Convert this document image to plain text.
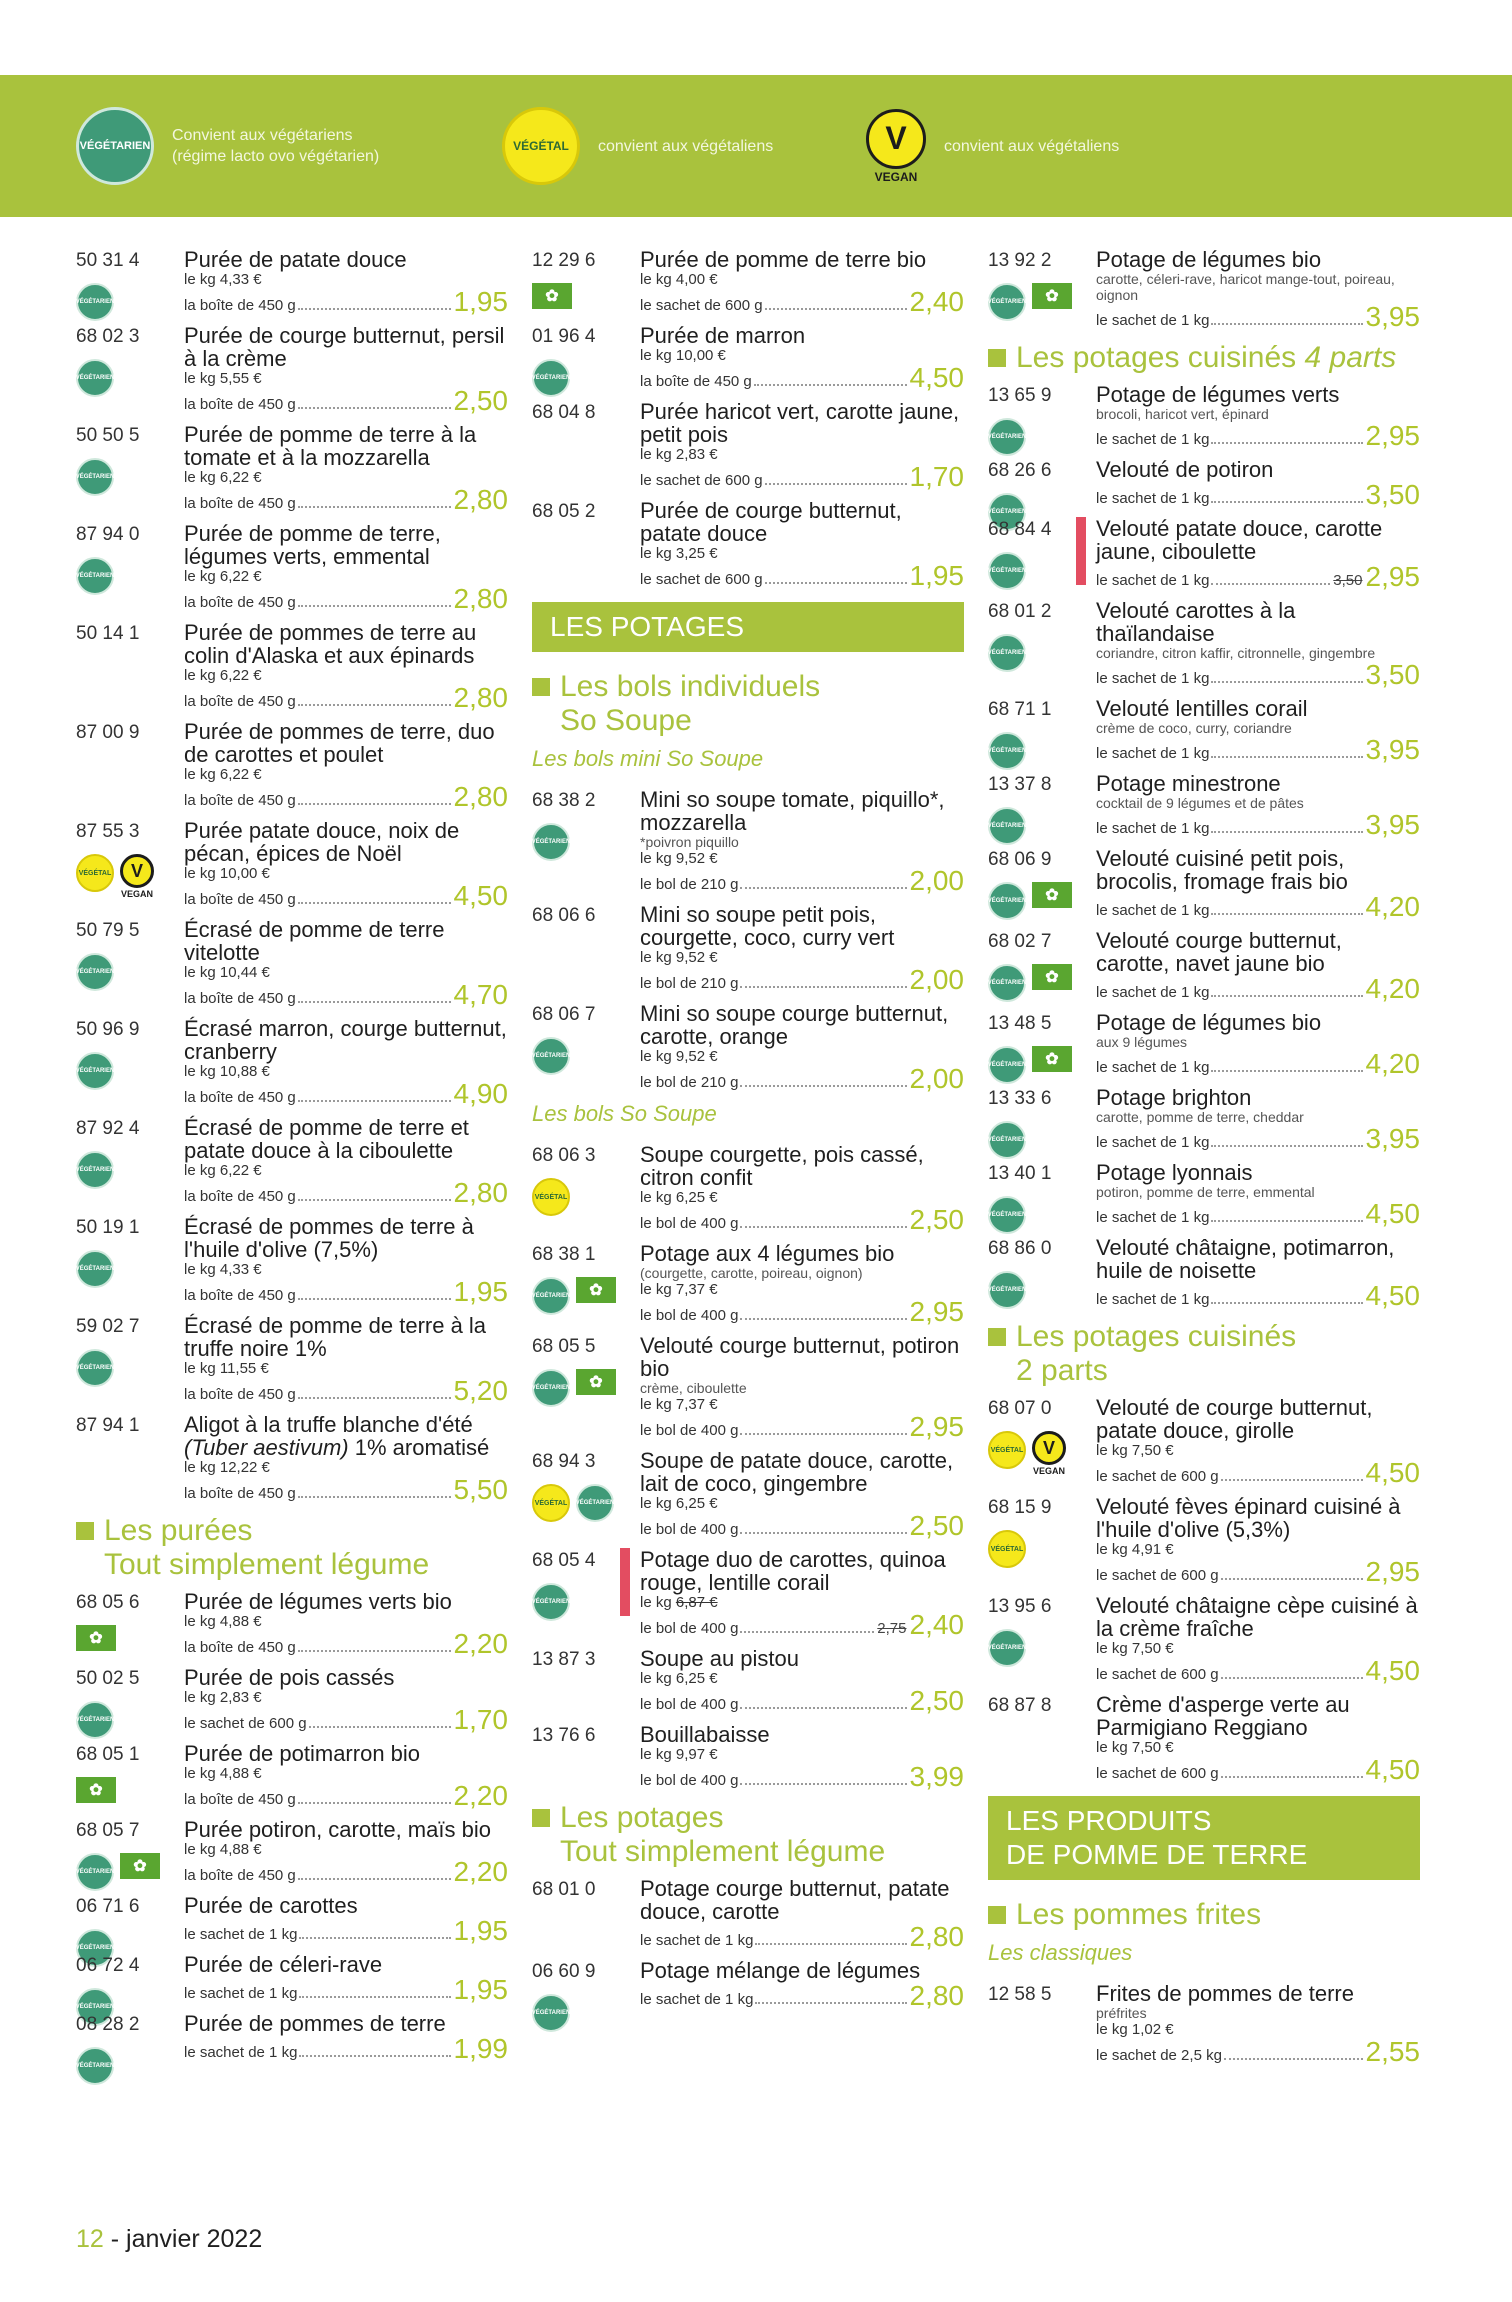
VÉGÉTARIEN
Convient aux végétariens
(régime lacto ovo végétarien)
VÉGÉTAL	convient aux végétaliens	V
VEGAN
convient aux végétaliens
50 31 4
VÉGÉTARIEN
Purée de patate douce
le kg 4,33 €
la boîte de 450 g	1,95
68 02 3
VÉGÉTARIEN
Purée de courge butternut, persil à la crème
le kg 5,55 €
la boîte de 450 g	2,50
50 50 5
VÉGÉTARIEN
Purée de pomme de terre à la tomate et à la mozzarella
le kg 6,22 €
la boîte de 450 g	2,80
87 94 0
VÉGÉTARIEN
Purée de pomme de terre, légumes verts, emmental
le kg 6,22 €
la boîte de 450 g	2,80
50 14 1 Purée de pommes de terre au colin d'Alaska et aux épinards
le kg 6,22 €
la boîte de 450 g	2,80
87 00 9 Purée de pommes de terre, duo de carottes et poulet
le kg 6,22 €
la boîte de 450 g	2,80
87 55 3
VÉGÉTAL	V
VEGAN
Purée patate douce, noix de pécan, épices de Noël
le kg 10,00 €
la boîte de 450 g	4,50
50 79 5
VÉGÉTARIEN
Écrasé de pomme de terre vitelotte
le kg 10,44 €
la boîte de 450 g	4,70
50 96 9
VÉGÉTARIEN
Écrasé marron, courge butternut, cranberry
le kg 10,88 €
la boîte de 450 g	4,90
87 92 4
VÉGÉTARIEN
Écrasé de pomme de terre et patate douce à la ciboulette
le kg 6,22 €
la boîte de 450 g	2,80
50 19 1
VÉGÉTARIEN
Écrasé de pommes de terre à l'huile d'olive (7,5%)
le kg 4,33 €
la boîte de 450 g	1,95
59 02 7
VÉGÉTARIEN
Écrasé de pomme de terre à la truffe noire 1%
le kg 11,55 €
la boîte de 450 g	5,20
87 94 1 Aligot à la truffe blanche d'été (Tuber aestivum) 1% aromatisé
le kg 12,22 €
la boîte de 450 g	5,50
Les purées
Tout simplement légume
68 05 6
✿
Purée de légumes verts bio
le kg 4,88 €
la boîte de 450 g	2,20
50 02 5
VÉGÉTARIEN
Purée de pois cassés
le kg 2,83 €
le sachet de 600 g	1,70
68 05 1
✿
Purée de potimarron bio
le kg 4,88 €
la boîte de 450 g	2,20
68 05 7
VÉGÉTARIEN	✿
Purée potiron, carotte, maïs bio
le kg 4,88 €
la boîte de 450 g	2,20
06 71 6
VÉGÉTARIEN
Purée de carottes
le sachet de 1 kg	1,95
06 72 4
VÉGÉTARIEN
Purée de céleri-rave
le sachet de 1 kg	1,95
08 28 2
VÉGÉTARIEN
Purée de pommes de terre
le sachet de 1 kg	1,99
12 29 6
✿
Purée de pomme de terre bio
le kg 4,00 €
le sachet de 600 g	2,40
01 96 4
VÉGÉTARIEN
Purée de marron
le kg 10,00 €
la boîte de 450 g	4,50
68 04 8 Purée haricot vert, carotte jaune, petit pois
le kg 2,83 €
le sachet de 600 g	1,70
68 05 2 Purée de courge butternut, patate douce
le kg 3,25 €
le sachet de 600 g	1,95
LES POTAGES
Les bols individuels
So Soupe
Les bols mini So Soupe
68 38 2
VÉGÉTARIEN
Mini so soupe tomate, piquillo*, mozzarella
*poivron piquillo
le kg 9,52 €
le bol de 210 g	2,00
68 06 6 Mini so soupe petit pois, courgette, coco, curry vert
le kg 9,52 €
le bol de 210 g	2,00
68 06 7
VÉGÉTARIEN
Mini so soupe courge butternut, carotte, orange
le kg 9,52 €
le bol de 210 g	2,00
Les bols So Soupe
68 06 3
VÉGÉTAL
Soupe courgette, pois cassé, citron confit
le kg 6,25 €
le bol de 400 g	2,50
68 38 1
VÉGÉTARIEN	✿
Potage aux 4 légumes bio
(courgette, carotte, poireau, oignon)
le kg 7,37 €
le bol de 400 g	2,95
68 05 5
VÉGÉTARIEN	✿
Velouté courge butternut, potiron bio
crème, ciboulette
le kg 7,37 €
le bol de 400 g	2,95
68 94 3
VÉGÉTAL	VÉGÉTARIEN
Soupe de patate douce, carotte, lait de coco, gingembre
le kg 6,25 €
le bol de 400 g	2,50
68 05 4
VÉGÉTARIEN
Potage duo de carottes, quinoa rouge, lentille corail
le kg 6,87 €
le bol de 400 g	2,75 2,40
13 87 3 Soupe au pistou
le kg 6,25 €
le bol de 400 g	2,50
13 76 6 Bouillabaisse
le kg 9,97 €
le bol de 400 g	3,99
Les potages
Tout simplement légume
68 01 0 Potage courge butternut, patate douce, carotte
le sachet de 1 kg	2,80
06 60 9
VÉGÉTARIEN
Potage mélange de légumes
le sachet de 1 kg	2,80
13 92 2
VÉGÉTARIEN	✿
Potage de légumes bio
carotte, céleri-rave, haricot mange-tout, poireau, oignon
le sachet de 1 kg	3,95
Les potages cuisinés 4 parts
13 65 9
VÉGÉTARIEN
Potage de légumes verts
brocoli, haricot vert, épinard
le sachet de 1 kg	2,95
68 26 6
VÉGÉTARIEN
Velouté de potiron
le sachet de 1 kg	3,50
68 84 4
VÉGÉTARIEN
Velouté patate douce, carotte jaune, ciboulette
le sachet de 1 kg	3,50 2,95
68 01 2
VÉGÉTARIEN
Velouté carottes à la thaïlandaise
coriandre, citron kaffir, citronnelle, gingembre
le sachet de 1 kg	3,50
68 71 1
VÉGÉTARIEN
Velouté lentilles corail
crème de coco, curry, coriandre
le sachet de 1 kg	3,95
13 37 8
VÉGÉTARIEN
Potage minestrone
cocktail de 9 légumes et de pâtes
le sachet de 1 kg	3,95
68 06 9
VÉGÉTARIEN	✿
Velouté cuisiné petit pois, brocolis, fromage frais bio
le sachet de 1 kg	4,20
68 02 7
VÉGÉTARIEN	✿
Velouté courge butternut, carotte, navet jaune bio
le sachet de 1 kg	4,20
13 48 5
VÉGÉTARIEN	✿
Potage de légumes bio
aux 9 légumes
le sachet de 1 kg	4,20
13 33 6
VÉGÉTARIEN
Potage brighton
carotte, pomme de terre, cheddar
le sachet de 1 kg	3,95
13 40 1
VÉGÉTARIEN
Potage lyonnais
potiron, pomme de terre, emmental
le sachet de 1 kg	4,50
68 86 0
VÉGÉTARIEN
Velouté châtaigne, potimarron, huile de noisette
le sachet de 1 kg	4,50
Les potages cuisinés
2 parts
68 07 0
VÉGÉTAL	V
VEGAN
Velouté de courge butternut, patate douce, girolle
le kg 7,50 €
le sachet de 600 g	4,50
68 15 9
VÉGÉTAL
Velouté fèves épinard cuisiné à l'huile d'olive (5,3%)
le kg 4,91 €
le sachet de 600 g	2,95
13 95 6
VÉGÉTARIEN
Velouté châtaigne cèpe cuisiné à la crème fraîche
le kg 7,50 €
le sachet de 600 g	4,50
68 87 8 Crème d'asperge verte au Parmigiano Reggiano
le kg 7,50 €
le sachet de 600 g	4,50
LES PRODUITS
DE POMME DE TERRE
Les pommes frites
Les classiques
12 58 5 Frites de pommes de terre
préfrites
le kg 1,02 €
le sachet de 2,5 kg	2,55
12 - janvier 2022
